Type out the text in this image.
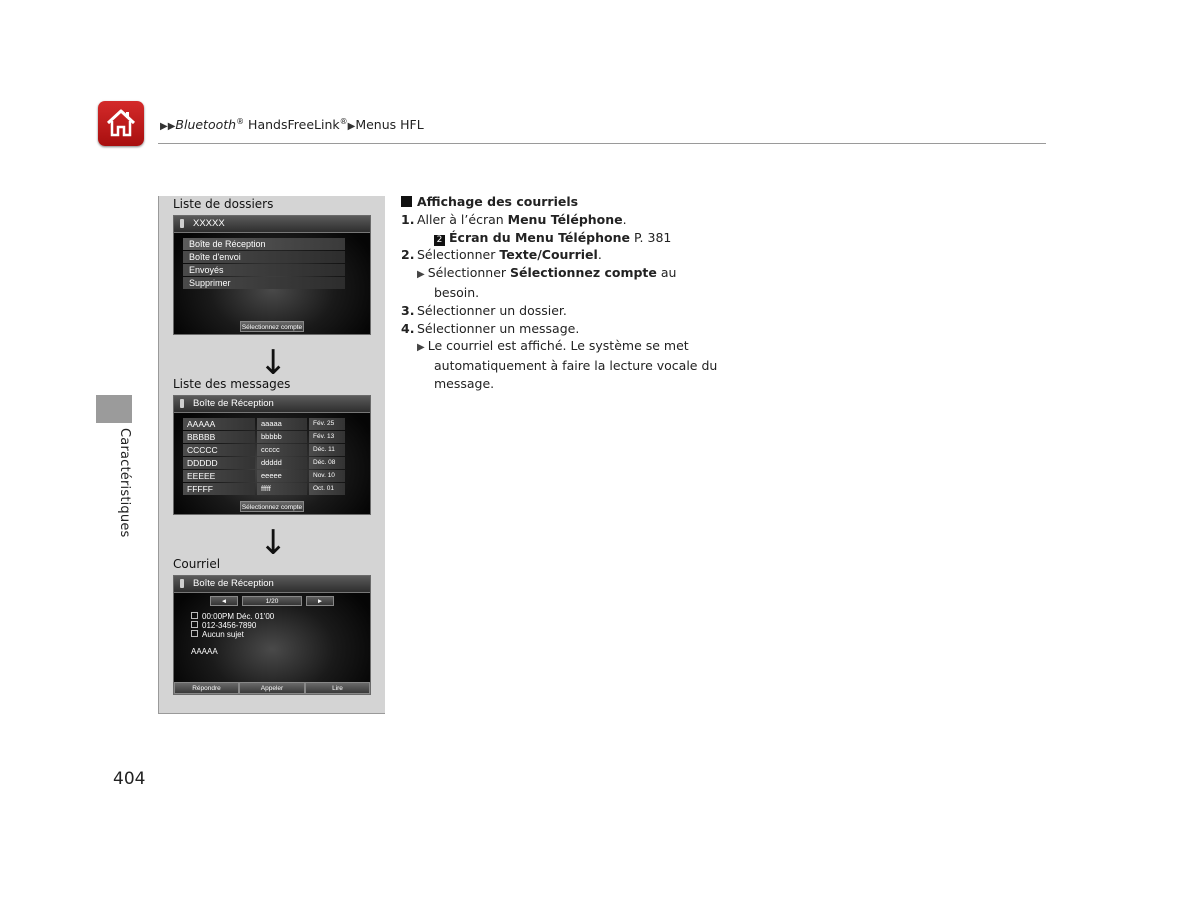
▶▶Bluetooth® HandsFreeLink®▶Menus HFL
Caractéristiques
Liste de dossiers
XXXXX
Boîte de Réception
Boîte d'envoi
Envoyés
Supprimer
Sélectionnez compte
↓
Liste des messages
Boîte de Réception
AAAAA	aaaaa	Fév. 25
BBBBB	bbbbb	Fév. 13
CCCCC	ccccc	Déc. 11
DDDDD	ddddd	Déc. 08
EEEEE	eeeee	Nov. 10
FFFFF	fffff	Oct. 01
Sélectionnez compte
↓
Courriel
Boîte de Réception
◄	1/20	►
00:00PM Déc. 01'00
012-3456-7890
Aucun sujet
AAAAA
Répondre	Appeler	Lire
Affichage des courriels
1. Aller à l’écran Menu Téléphone.
2 Écran du Menu Téléphone P. 381
2. Sélectionner Texte/Courriel.
▶ Sélectionner Sélectionnez compte au
besoin.
3. Sélectionner un dossier.
4. Sélectionner un message.
▶ Le courriel est affiché. Le système se met
automatiquement à faire la lecture vocale du
message.
404
